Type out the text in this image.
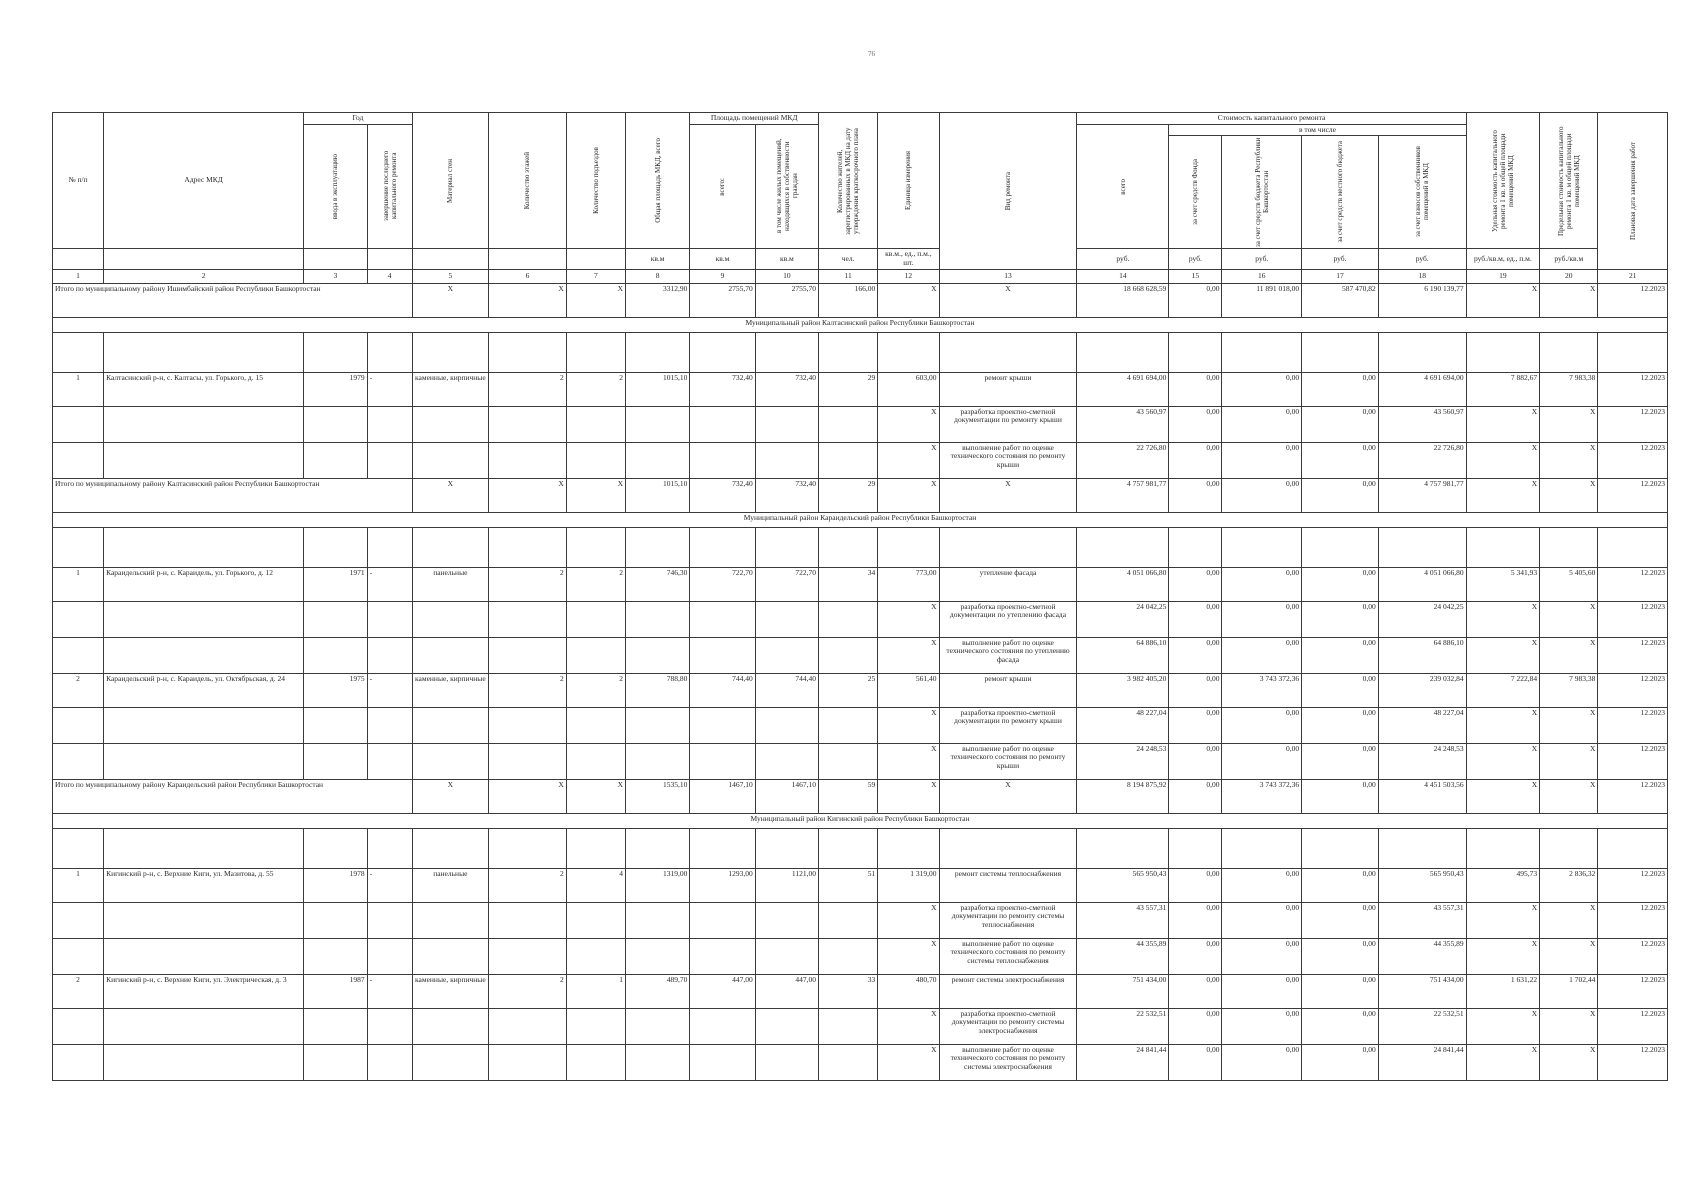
76
№ п/п	Адрес МКД	Год		Материал стен	Количество этажей	Количество подъездов	Общая площадь МКД, всего	Площадь помещений МКД		Количество жителей, зарегистрированных в МКД на дату утверждения краткосрочного плана	Единица измерения	Вид ремонта	Стоимость капитального ремонта					Удельная стоимость капитального ремонта 1 кв. м общей площади помещений МКД	Предельная стоимость капитального ремонта 1 кв. м общей площади помещений МКД	Плановая дата завершения работ

		ввода в эксплуатацию	завершение последнего капитального ремонта					всего:	в том числе жилых помещений, находящихся в собственности граждан				всего	в том числе						

														за счет средств Фонда	за счет средств бюджета Республики Башкортостан	за счет средств местного бюджета	за счет взносов собственников помещений в МКД			

							кв.м	кв.м	кв.м	чел.	кв.м., ед., п.м., шт.		руб.	руб.	руб.	руб.	руб.	руб./кв.м, ед., п.м.	руб./кв.м	
1	2	3	4	5	6	7	8	9	10	11	12	13	14	15	16	17	18	19	20	21
Итого по муниципальному району Ишимбайский район Республики Башкортостан				X	X	X	3312,90	2755,70	2755,70	166,00	X	X	18 668 628,59	0,00	11 891 018,00	587 470,82	6 190 139,77	X	X	12.2023
Муниципальный район Калтасинский район Республики Башкортостан																				

1	Калтасинский р-н, с. Калтасы, ул. Горького, д. 15	1979	-	каменные, кирпичные	2	2	1015,10	732,40	732,40	29	603,00	ремонт крыши	4 691 694,00	0,00	0,00	0,00	4 691 694,00	7 882,67	7 983,38	12.2023
											X	разработка проектно-сметной документации по ремонту крыши	43 560,97	0,00	0,00	0,00	43 560,97	X	X	12.2023
											X	выполнение работ по оценке технического состояния по ремонту крыши	22 726,80	0,00	0,00	0,00	22 726,80	X	X	12.2023
Итого по муниципальному району Калтасинский район Республики Башкортостан				X	X	X	1015,10	732,40	732,40	29	X	X	4 757 981,77	0,00	0,00	0,00	4 757 981,77	X	X	12.2023
Муниципальный район Караидельский район Республики Башкортостан																				

1	Караидельский р-н, с. Караидель, ул. Горького, д. 12	1971	-	панельные	2	2	746,30	722,70	722,70	34	773,00	утепление фасада	4 051 066,80	0,00	0,00	0,00	4 051 066,80	5 341,93	5 405,60	12.2023
											X	разработка проектно-сметной документации по утеплению фасада	24 042,25	0,00	0,00	0,00	24 042,25	X	X	12.2023
											X	выполнение работ по оценке технического состояния по утеплению фасада	64 886,10	0,00	0,00	0,00	64 886,10	X	X	12.2023
2	Караидельский р-н, с. Караидель, ул. Октябрьская, д. 24	1975	-	каменные, кирпичные	2	2	788,80	744,40	744,40	25	561,40	ремонт крыши	3 982 405,20	0,00	3 743 372,36	0,00	239 032,84	7 222,84	7 983,38	12.2023
											X	разработка проектно-сметной документации по ремонту крыши	48 227,04	0,00	0,00	0,00	48 227,04	X	X	12.2023
											X	выполнение работ по оценке технического состояния по ремонту крыши	24 248,53	0,00	0,00	0,00	24 248,53	X	X	12.2023
Итого по муниципальному району Караидельский район Республики Башкортостан				X	X	X	1535,10	1467,10	1467,10	59	X	X	8 194 875,92	0,00	3 743 372,36	0,00	4 451 503,56	X	X	12.2023
Муниципальный район Кигинский район Республики Башкортостан																				

1	Кигинский р-н, с. Верхние Киги, ул. Мазитова, д. 55	1978	-	панельные	2	4	1319,00	1293,00	1121,00	51	1 319,00	ремонт системы теплоснабжения	565 950,43	0,00	0,00	0,00	565 950,43	495,73	2 836,32	12.2023
											X	разработка проектно-сметной документации по ремонту системы теплоснабжения	43 557,31	0,00	0,00	0,00	43 557,31	X	X	12.2023
											X	выполнение работ по оценке технического состояния по ремонту системы теплоснабжения	44 355,89	0,00	0,00	0,00	44 355,89	X	X	12.2023
2	Кигинский р-н, с. Верхние Киги, ул. Электрическая, д. 3	1987	-	каменные, кирпичные	2	1	489,70	447,00	447,00	33	480,70	ремонт системы электроснабжения	751 434,00	0,00	0,00	0,00	751 434,00	1 631,22	1 702,44	12.2023
											X	разработка проектно-сметной документации по ремонту системы электроснабжения	22 532,51	0,00	0,00	0,00	22 532,51	X	X	12.2023
											X	выполнение работ по оценке технического состояния по ремонту системы электроснабжения	24 841,44	0,00	0,00	0,00	24 841,44	X	X	12.2023
